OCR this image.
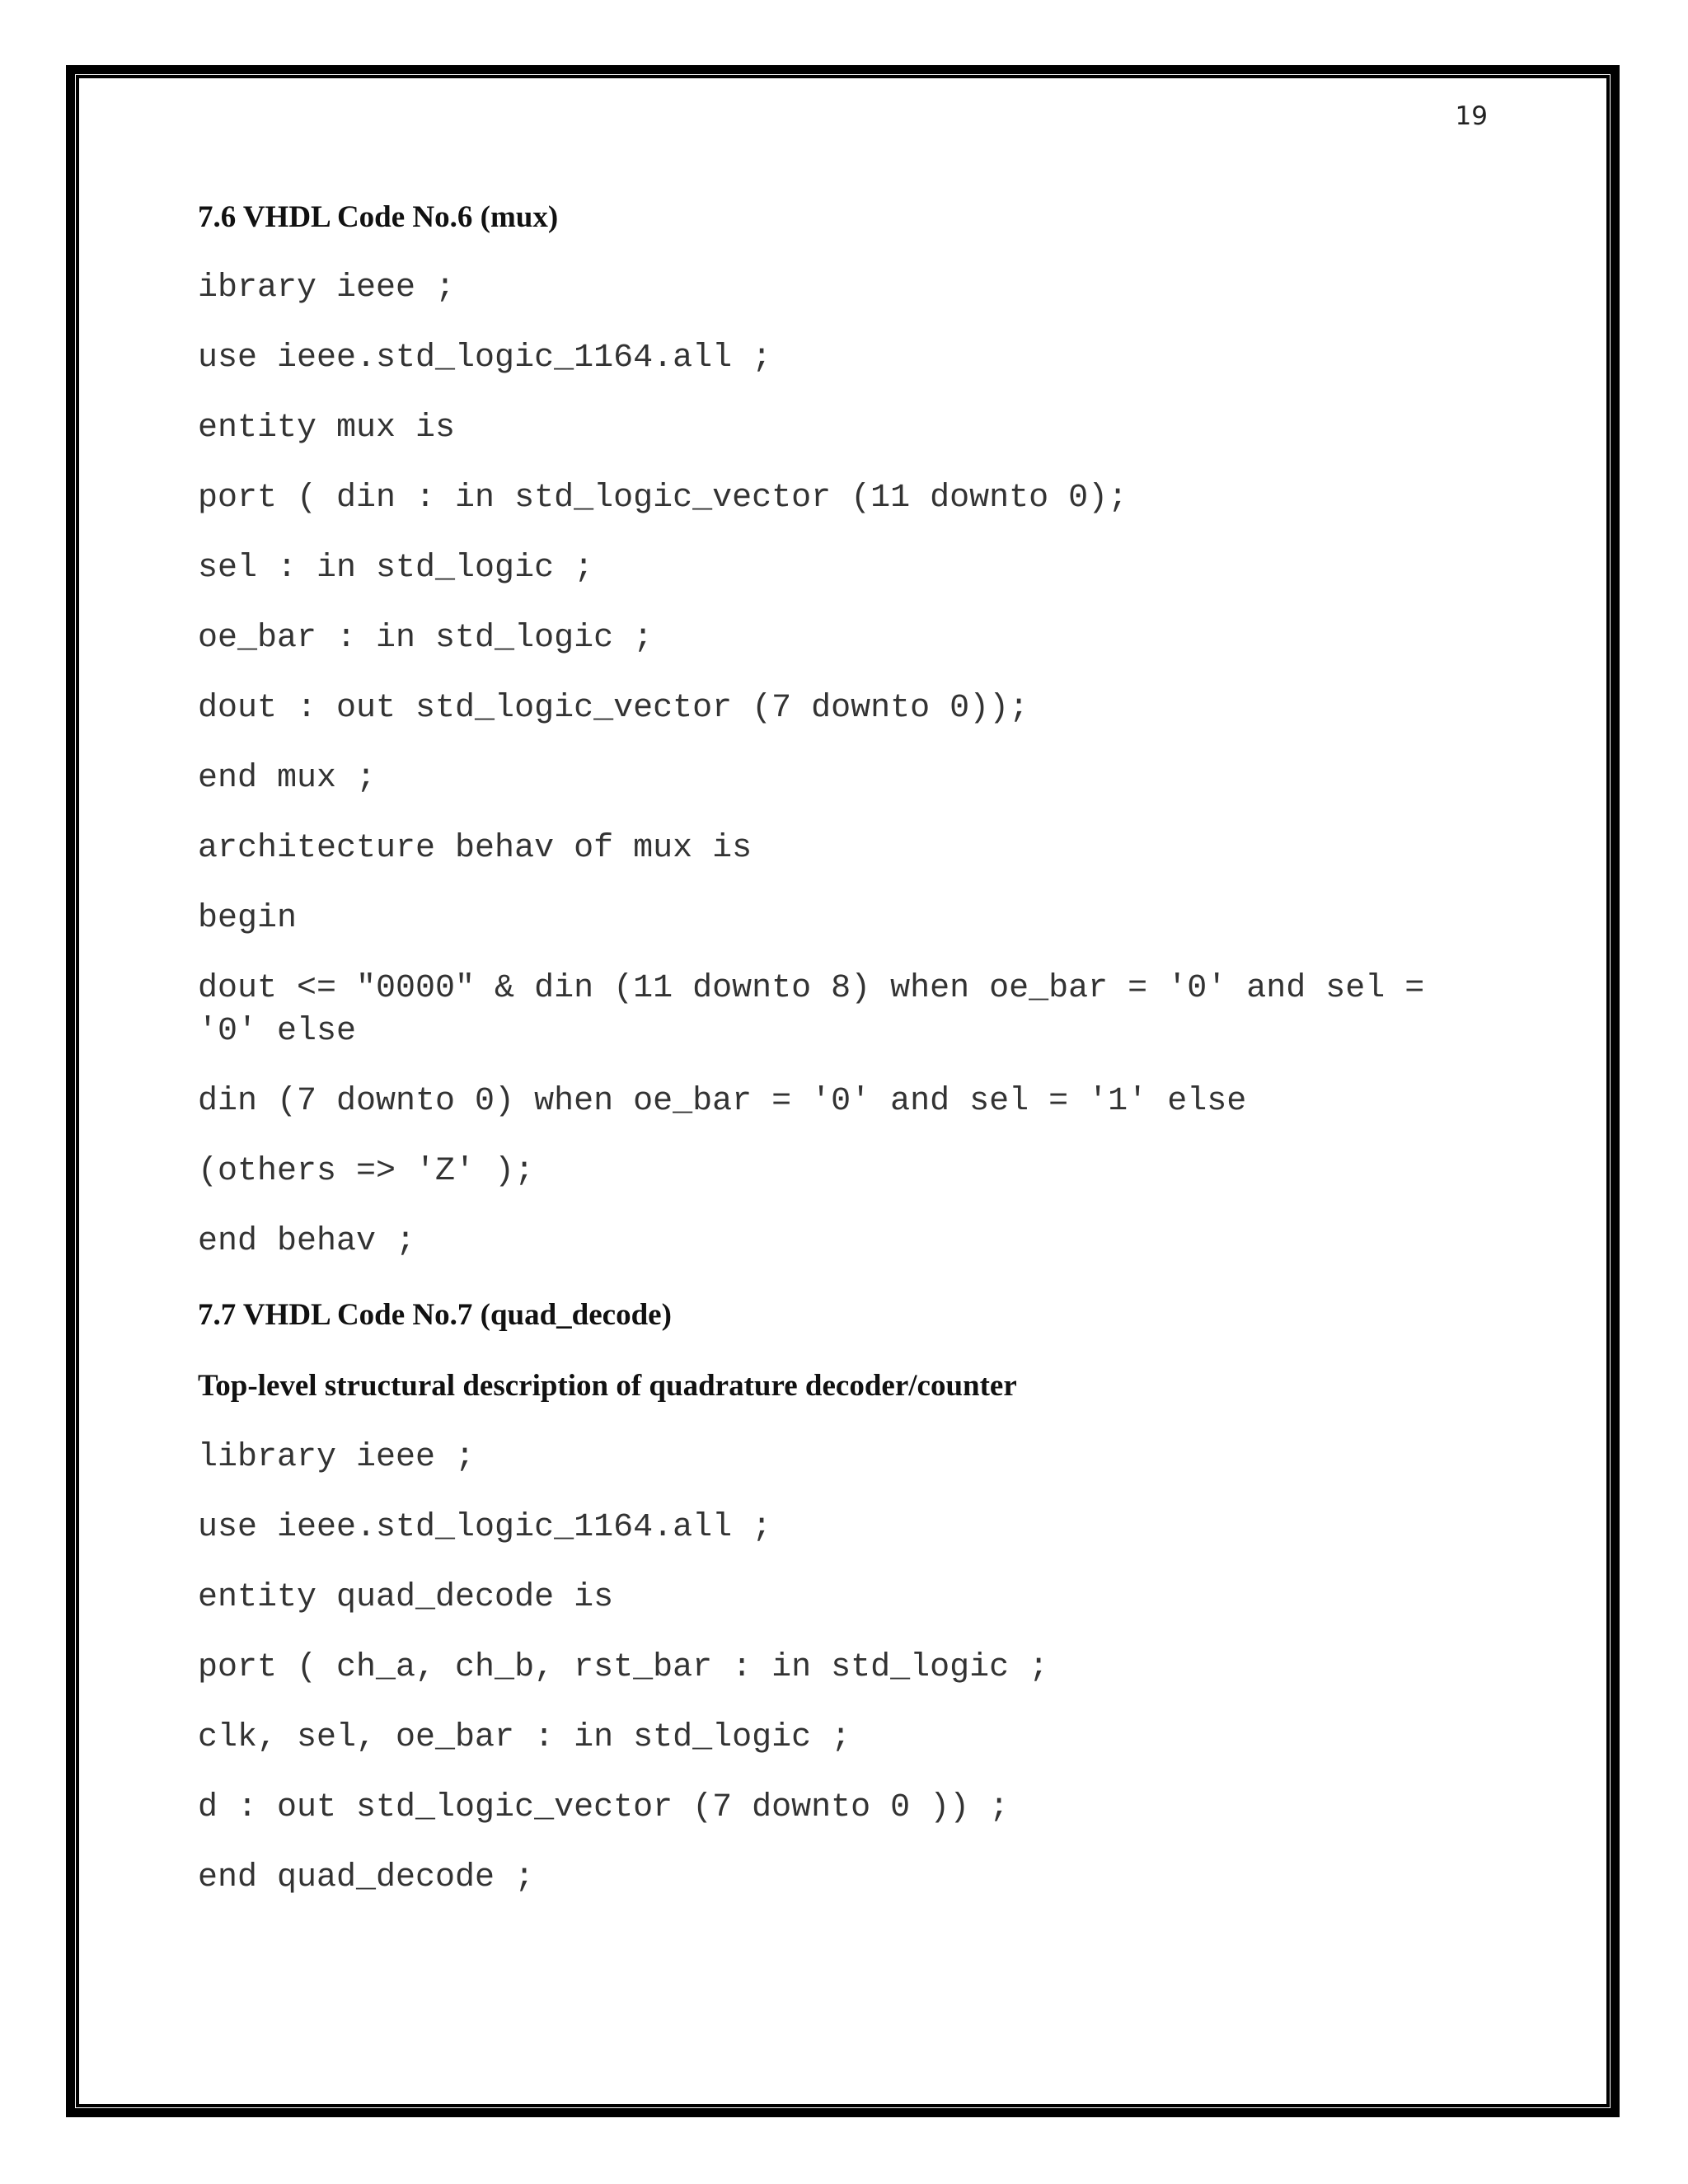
19
7.6 VHDL Code No.6 (mux)
ibrary ieee ;
use ieee.std_logic_1164.all ;
entity mux is
port ( din : in std_logic_vector (11 downto 0);
sel : in std_logic ;
oe_bar : in std_logic ;
dout : out std_logic_vector (7 downto 0));
end mux ;
architecture behav of mux is
begin
dout <= "0000" & din (11 downto 8) when oe_bar = '0' and sel =
'0' else
din (7 downto 0) when oe_bar = '0' and sel = '1' else
(others => 'Z' );
end behav ;
7.7 VHDL Code No.7 (quad_decode)
Top-level structural description of quadrature decoder/counter
library ieee ;
use ieee.std_logic_1164.all ;
entity quad_decode is
port ( ch_a, ch_b, rst_bar : in std_logic ;
clk, sel, oe_bar : in std_logic ;
d : out std_logic_vector (7 downto 0 )) ;
end quad_decode ;
